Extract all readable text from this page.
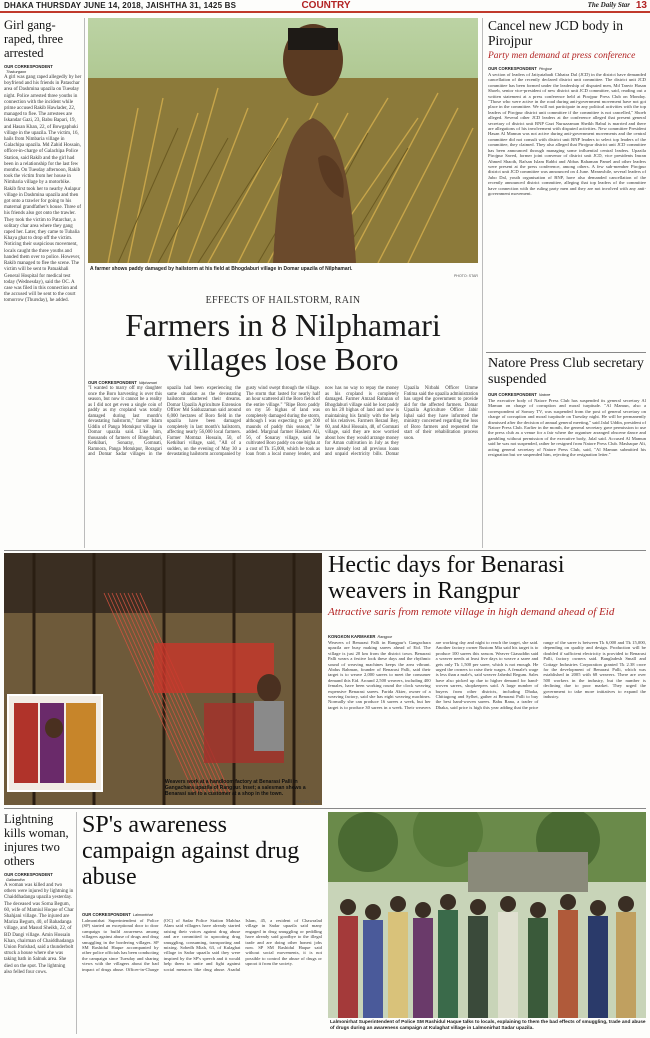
DHAKA THURSDAY JUNE 14, 2018, JAISHTHA 31, 1425 BS	COUNTRY	The Daily Star 13
Girl gang-raped, three arrested
OUR CORRESPONDENT
Thakurgaon
A girl was gang raped allegedly by her boyfriend and his friends in Pataschar area of Dashmina upazila on Tuesday night. Police arrested three youths in connection with the incident while prime accused Rakib Hawlader, 22, managed to flee. The arrestees are Iskandar Gazi, 23, Babu Bapari, 19, and Hasan Khan, 22, of Bowgaphuki village in the upazila. The victim, 16, hails from Nimbaria village in Galachipa upazila. Md Zahid Hossain, officer-in-charge of Galachipa Police Station, said Rakib and the girl had been in a relationship for the last few months. On Tuesday afternoon, Rakib took the victim from her house in Nimbaria village by a motorbike. Rakib first took her to nearby Aulapur village in Dashmina upazila and then got onto a trawler for going to his maternal grandfather's house. Three of his friends also got onto the trawler. They took the victim to Patarchar, a solitary char area where they gang raped her. Later, they came to Tubalia Khaya ghat to drop off the victim. Noticing their suspicious movement, locals caught the three youths and handed them over to police. However, Rakib managed to flee the scene. The victim will be sent to Patuakhali General Hospital for medical test today (Wednesday), said the OC. A case was filed in this connection and the accused will be sent to the court tomorrow (Thursday), he added.
A farmer shows paddy damaged by hailstorm at his field at Bhogdaburi village in Domar upazila of Nilphamari.
PHOTO: STAR
EFFECTS OF HAILSTORM, RAIN
Farmers in 8 Nilphamari villages lose Boro
OUR CORRESPONDENT Nilphamari
"I wanted to marry off my daughter once the Boro harvesting is over this season, but now it cannot be a reality as I did not get even a single coin of paddy as my cropland was totally damaged during last month's devastating hailstorm," farmer Islam Uddin of Panga Motukpur village in Domar upazila said. Like him, thousands of farmers of Bhogdaburi, Ketkibari, Sonaray, Gomnati, Ramnora, Panga Motukpur, Boragari and Domar Sadar villages in the upazila had been experiencing the same situation as the devastating hailstorm shattered their dreams. Domar Upazila Agriculture Extension Officer Md Saiduzzaman said around 6,000 hectares of Boro field in the upazila have been damaged completely in last month's hailstorm, affecting nearly 56,000 local farmers. Farmer Momtaz Hossain, 50, of Ketkibari village, said, "All of a sudden, on the evening of May 30 a devastating hailstorm accompanied by gusty wind swept through the village. The storm that lasted for nearly half an hour scattered all the Boro fields of the entire village." "Ripe Boro paddy on my 56 bighas of land was completely damaged during the storm, although I was expecting to get 200 maunds of paddy this season," he added. Marginal farmer Hashem Ali, 56, of Sonaray village, said he cultivated Boro paddy on one bigha at a cost of Tk 15,000, which he took as loan from a local money lender, and now has no way to repay the money as his cropland is completely damaged. Farmer Amzad Rahman of Bhogdaburi village said he lost paddy on his 20 bighas of land and now is maintaining his family with the help of his relatives. Farmers Rezaul Bey, 60, and Abul Hossain, 48, of Gomnati village, said they are now worried about how they would arrange money for Aman cultivation in July as they have already lost all previous loans and unpaid electricity bills. Domar Upazila Nirbahi Officer Umme Fatima said the upazila administration has urged the government to provide aid for the affected farmers. Domar Upazila Agriculture Officer Jabir Iqbal said they have informed the ministry concerned regarding the loss of Boro farmers and requested the start of their rehabilitation process soon.
Cancel new JCD body in Pirojpur
Party men demand at press conference
OUR CORRESPONDENT Pirojpur
A section of leaders of Jatiyatabadi Chhatra Dal (JCD) in the district have demanded cancellation of the recently declared district unit committee. The district unit JCD committee has been formed under the leadership of disputed men, Md Tanvir Hasan Shoeb, senior vice-president of new district unit JCD committee, said, reading out a written statement at a press conference held at Pirojpur Press Club on Monday. "Those who were active in the road during anti-government movement have not got place in the committee. We will not participate in any political activities with the top leaders of Pirojpur district unit committee if the committee is not cancelled," Shoeb alleged. Several other JCD leaders at the conference alleged that present general secretary of district unit BNP Gazi Nuruzzaman Sheikh Babul is married and there are allegations of his involvement with disputed activities. New committee President Hasan Al Mamun was not active during anti-government movements and the central committee did not consult with district unit BNP leaders to select top leaders of the committee, they claimed. They also alleged that Pirojpur district unit JCD committee has been announced through managing some influential central leaders. Upazila Pirojpur Saved, former joint convenor of district unit JCD, vice presidents Imran Ahmed Shaoib, Rafsan Islam Rabbi and Abbas Rahaman Pamel and other leaders were present at the press conference, among others. A few sub-member Pirojpur district unit JCD committee was announced on 4 June. Meanwhile, several leaders of Jubo Dal, youth organisation of BNP, have also demanded cancellation of the recently announced district committee, alleging that top leaders of the committee have connection with the ruling party men and they are not involved with any anti-government movement.
Natore Press Club secretary suspended
OUR CORRESPONDENT Natore
The executive body of Natore Press Club has suspended its general secretary Al Mamun on charge of corruption and moral turpitude. "Al Mamun, also a correspondent of Somoy TV, was suspended from the post of general secretary on charge of corruption and moral turpitude on Tuesday night. He will be permanently dismissed after the decision of annual general meeting," said Jalal Uddin, president of Natore Press Club. Earlier in the month, the general secretary gave permission to use the press club as a venue for a fair where the organiser arranged obscene dance and gambling without permission of the executive body, Jalal said. Accused Al Mamun said he was not suspended, rather he resigned from Natore Press Club. Mashaque Ali, acting general secretary of Natore Press Club, said, "Al Mamun submitted his resignation but we suspended him, rejecting the resignation letter."
Weavers work at a handloom factory at Benarasi Palli in Gangachara upazila of Rangpur. Inset; a salesman shows a Benarasi sari to a customer at a shop in the town.
PHOTO: STAR
Hectic days for Benarasi weavers in Rangpur
Attractive saris from remote village in high demand ahead of Eid
KONGKON KARMAKER Rangpur
Weavers of Benarasi Palli in Rangpur's Gangachara upazila are busy making sarees ahead of Eid. The village is just 20 km from the district town. Benarasi Palli wears a festive look these days and the rhythmic sound of weaving machines keeps the area vibrant. Abdus Rahman, founder of Benarasi Palli, said their target is to weave 2,000 sarees to meet the consumer demand this Eid. Around 2,500 weavers, including 400 females, have been working round the clock weaving expensive Benarasi sarees. Farida Akter, owner of a weaving factory, said she has eight weaving machines. Normally she can produce 16 sarees a week, but her target is to produce 30 sarees in a week. Their weavers are working day and night to reach the target, she said. Another factory owner Rustom Mia said his target is to produce 100 sarees this season. Weaver Giasuddin said a weaver needs at least five days to weave a saree and gets only Tk 1,500 per saree, which is not enough. He urged the owners to raise their wages. A female's wage is less than a male's, said weaver Jahedul Begum. Sales have also picked up due to higher demand for hand-woven sarees, shopkeepers said. A large number of buyers from other districts, including Dhaka, Chittagong and Sylhet, gather at Benarasi Palli to buy the best hand-woven sarees. Babu Rana, a trader of Dhaka, said price is high this year adding that the price range of the saree is between Tk 6,000 and Tk 15,000, depending on quality and design. Production will be doubled if sufficient electricity is provided to Benarasi Palli, factory owners said. Bangladesh Small and Cottage Industries Corporation granted Tk 2.38 crore for the development of Benarasi Palli, which was established in 2005 with 68 weavers. There are over 500 workers in the industry, but the number is declining due to poor market. They urged the government to take more initiatives to expand the industry.
Lightning kills woman, injures two others
OUR CORRESPONDENT
Gaibandha
A woman was killed and two others were injured by lightning in Chaiddhadanga upazila yesterday. The deceased was Sorna Begum, 60, wife of Mamiul Hoque of Char Shahjani village. The injured are Mariza Begum, 40, of Bahadanga village, and Masud Sheikh, 22, of BD Dangi village. Amin Hossain Khan, chairman of Chaiddhadanga Union Parishad, said a thunderbolt struck a house where she was taking bath in Salnuk area. She died on the spot. The lightning also felled four cows.
SP's awareness campaign against drug abuse
OUR CORRESPONDENT Lalmonirhat
Lalmonirhat Superintendent of Police (SP) started an exceptional door to door campaign to build awareness among villagers against abuse of drugs and drug smuggling in the bordering villages. SP SM Rashidul Haque accompanied by other police officials has been conducting the campaign since Tuesday and sharing views with the villagers about the bad impact of drugs abuse. Officer-in-Charge (OC) of Sadar Police Station Mahfuz Alam said villagers have already started raising their voices against drug abuse and are committed to uprooting drug smuggling, consuming, transporting and mixing. Sobedh Miah, 63, of Kulaghat village in Sadar upazila said they were inspired by the SP's speech and it would help them to unite and fight against social menaces like drug abuse. Asadul Islam, 45, a resident of Chawralad village in Sadar upazila said many engaged in drug smuggling or peddling have already said goodbye to the illegal trade and are doing other honest jobs now. SP SM Rashidul Haque said without social movements, it is not possible to control the abuse of drugs or uproot it from the society.
Lalmonirhat Superintendent of Police SM Rashidul Haque talks to locals, explaining to them the bad effects of smuggling, trade and abuse of drugs during an awareness campaign at Kulaghat village in Lalmonirhat Sadar upazila.
